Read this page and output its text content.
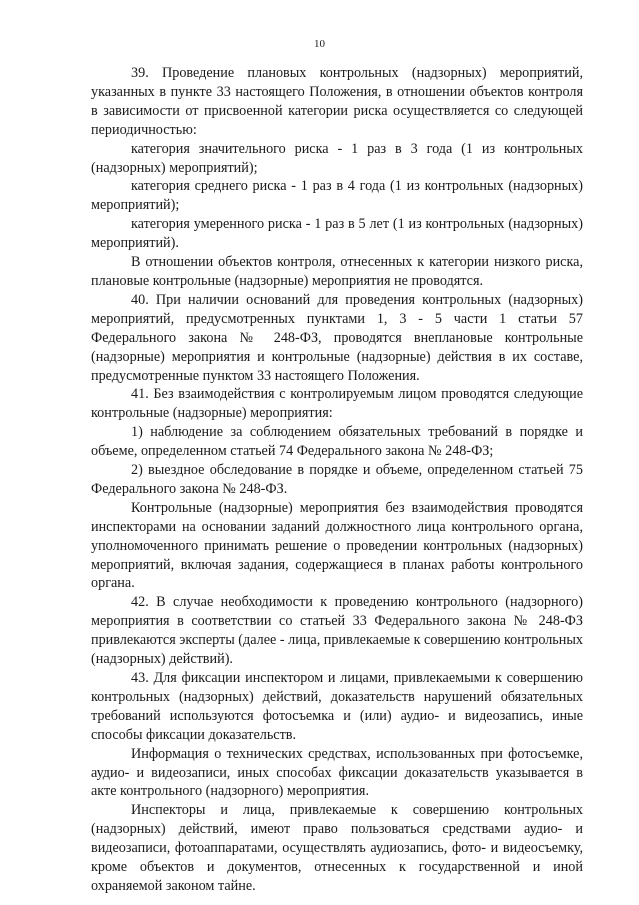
10

39. Проведение плановых контрольных (надзорных) мероприятий, указанных в пункте 33 настоящего Положения, в отношении объектов контроля в зависимости от присвоенной категории риска осуществляется со следующей периодичностью:

категория значительного риска - 1 раз в 3 года (1 из контрольных (надзорных) мероприятий);

категория среднего риска - 1 раз в 4 года (1 из контрольных (надзорных) мероприятий);

категория умеренного риска - 1 раз в 5 лет (1 из контрольных (надзорных) мероприятий).

В отношении объектов контроля, отнесенных к категории низкого риска, плановые контрольные (надзорные) мероприятия не проводятся.

40. При наличии оснований для проведения контрольных (надзорных) мероприятий, предусмотренных пунктами 1, 3 - 5 части 1 статьи 57 Федерального закона № 248-ФЗ, проводятся внеплановые контрольные (надзорные) мероприятия и контрольные (надзорные) действия в их составе, предусмотренные пунктом 33 настоящего Положения.

41. Без взаимодействия с контролируемым лицом проводятся следующие контрольные (надзорные) мероприятия:

1) наблюдение за соблюдением обязательных требований в порядке и объеме, определенном статьей 74 Федерального закона № 248-ФЗ;

2) выездное обследование в порядке и объеме, определенном статьей 75 Федерального закона № 248-ФЗ.

Контрольные (надзорные) мероприятия без взаимодействия проводятся инспекторами на основании заданий должностного лица контрольного органа, уполномоченного принимать решение о проведении контрольных (надзорных) мероприятий, включая задания, содержащиеся в планах работы контрольного органа.

42. В случае необходимости к проведению контрольного (надзорного) мероприятия в соответствии со статьей 33 Федерального закона № 248-ФЗ привлекаются эксперты (далее - лица, привлекаемые к совершению контрольных (надзорных) действий).

43. Для фиксации инспектором и лицами, привлекаемыми к совершению контрольных (надзорных) действий, доказательств нарушений обязательных требований используются фотосъемка и (или) аудио- и видеозапись, иные способы фиксации доказательств.

Информация о технических средствах, использованных при фотосъемке, аудио- и видеозаписи, иных способах фиксации доказательств указывается в акте контрольного (надзорного) мероприятия.

Инспекторы и лица, привлекаемые к совершению контрольных (надзорных) действий, имеют право пользоваться средствами аудио- и видеозаписи, фотоаппаратами, осуществлять аудиозапись, фото- и видеосъемку, кроме объектов и документов, отнесенных к государственной и иной охраняемой законом тайне.
